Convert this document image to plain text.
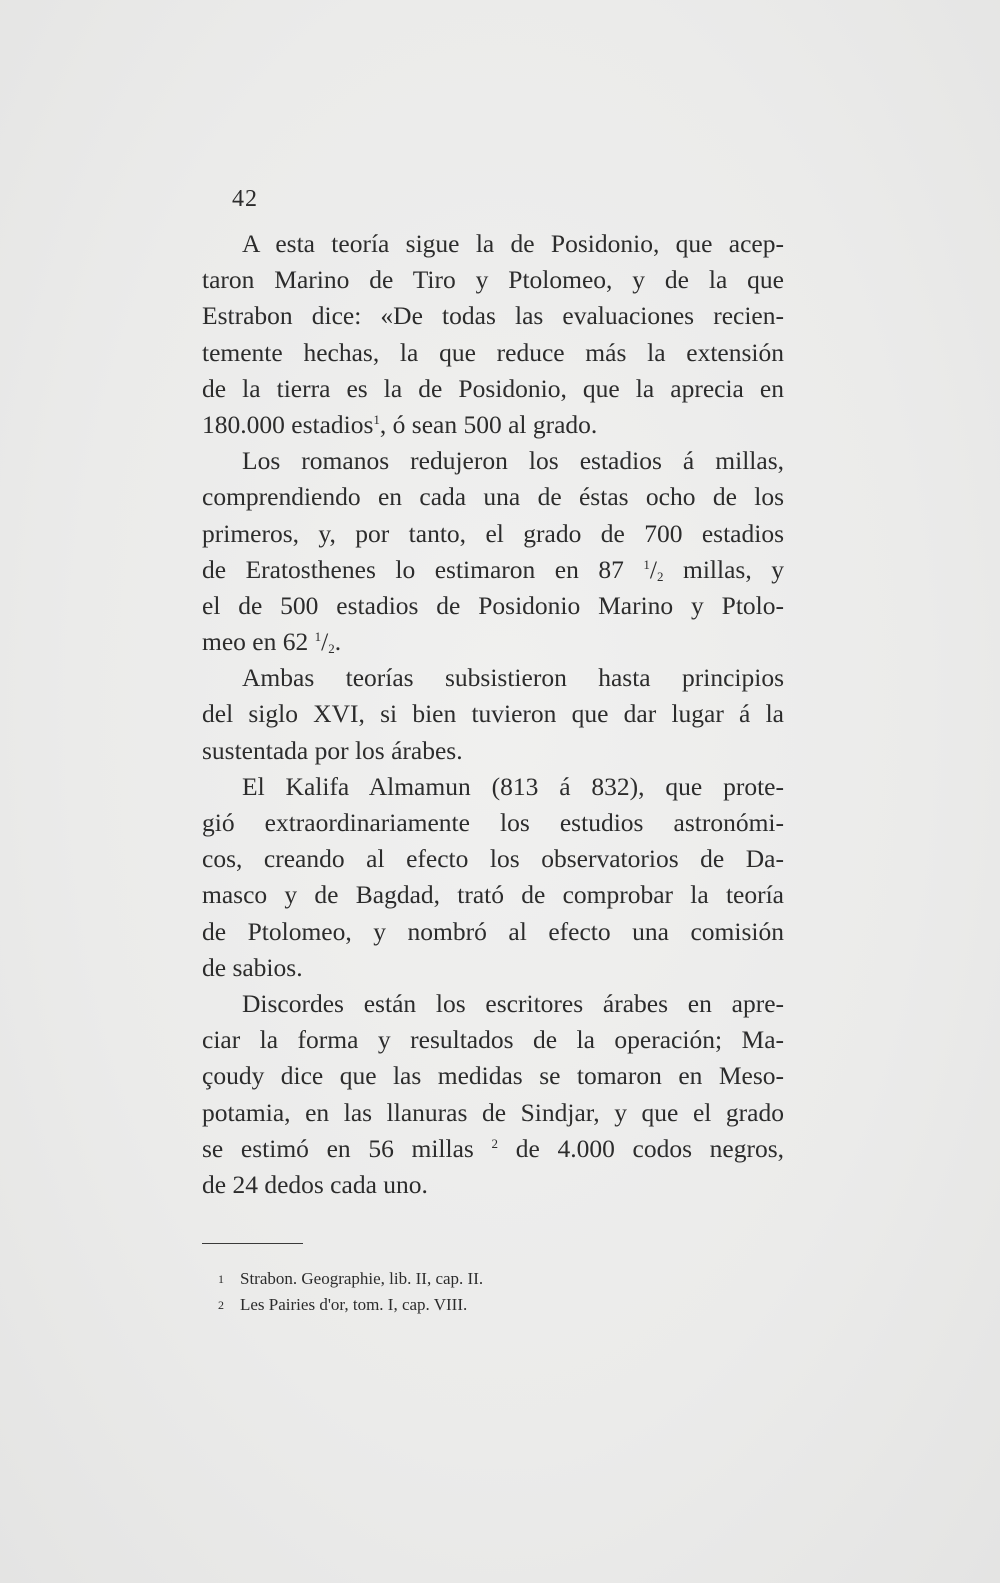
42
A esta teoría sigue la de Posidonio, que acep-
taron Marino de Tiro y Ptolomeo, y de la que
Estrabon dice: «De todas las evaluaciones recien-
temente hechas, la que reduce más la extensión
de la tierra es la de Posidonio, que la aprecia en
180.000 estadios$^1$, ó sean 500 al grado.
Los romanos redujeron los estadios á millas,
comprendiendo en cada una de éstas ocho de los
primeros, y, por tanto, el grado de 700 estadios
de Eratosthenes lo estimaron en 87 $^1/_2$ millas, y
el de 500 estadios de Posidonio Marino y Ptolo-
meo en 62 $^1/_2$.
Ambas teorías subsistieron hasta principios
del siglo XVI, si bien tuvieron que dar lugar á la
sustentada por los árabes.
El Kalifa Almamun (813 á 832), que prote-
gió extraordinariamente los estudios astronómi-
cos, creando al efecto los observatorios de Da-
masco y de Bagdad, trató de comprobar la teoría
de Ptolomeo, y nombró al efecto una comisión
de sabios.
Discordes están los escritores árabes en apre-
ciar la forma y resultados de la operación; Ma-
çoudy dice que las medidas se tomaron en Meso-
potamia, en las llanuras de Sindjar, y que el grado
se estimó en 56 millas $^2$ de 4.000 codos negros,
de 24 dedos cada uno.
1 Strabon. Geographie, lib. II, cap. II.
2 Les Pairies d'or, tom. I, cap. VIII.
